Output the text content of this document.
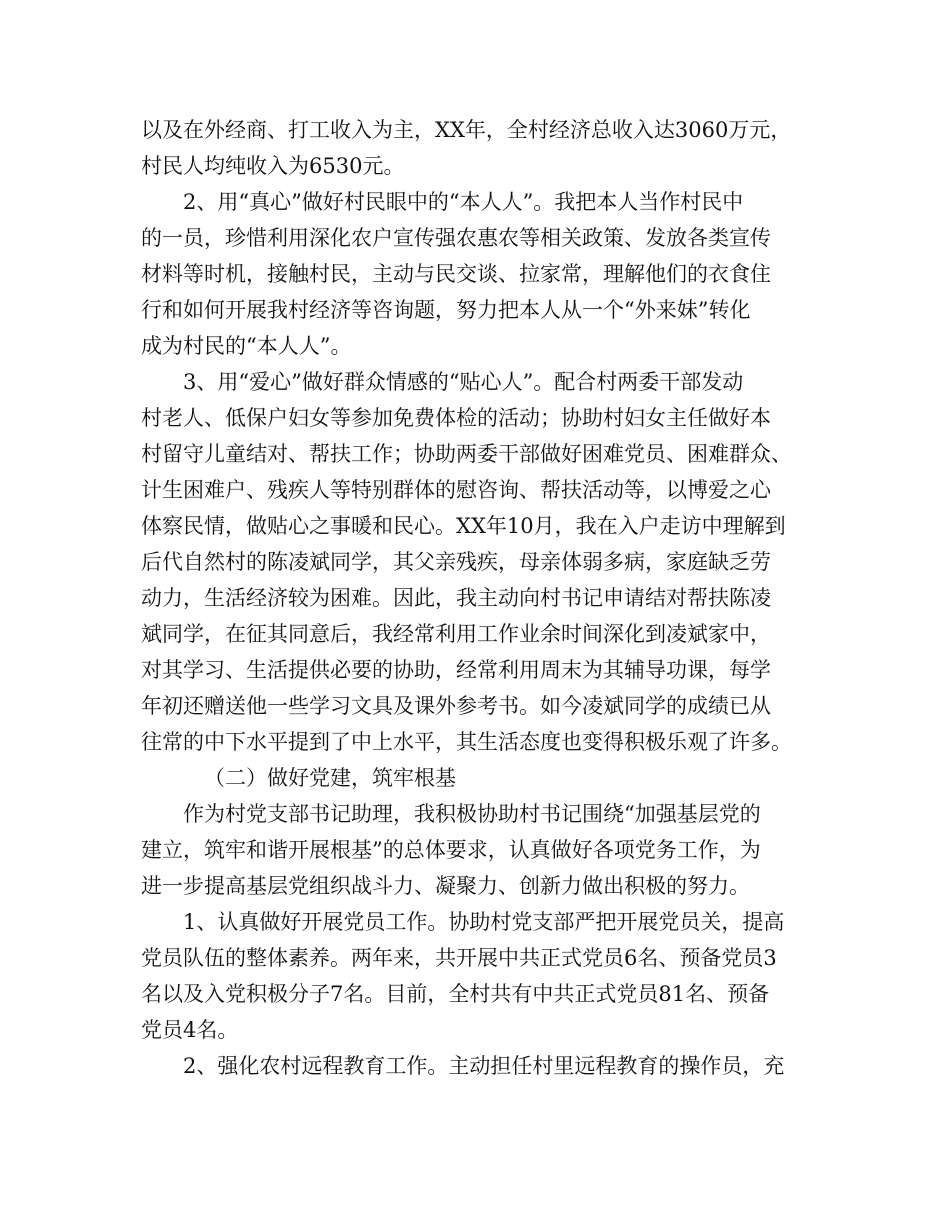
以及在外经商、打工收入为主，XX年，全村经济总收入达3060万元，
村民人均纯收入为6530元。
2、用“真心”做好村民眼中的“本人人”。我把本人当作村民中
的一员，珍惜利用深化农户宣传强农惠农等相关政策、发放各类宣传
材料等时机，接触村民，主动与民交谈、拉家常，理解他们的衣食住
行和如何开展我村经济等咨询题，努力把本人从一个“外来妹”转化
成为村民的“本人人”。
3、用“爱心”做好群众情感的“贴心人”。配合村两委干部发动
村老人、低保户妇女等参加免费体检的活动；协助村妇女主任做好本
村留守儿童结对、帮扶工作；协助两委干部做好困难党员、困难群众、
计生困难户、残疾人等特别群体的慰咨询、帮扶活动等，以博爱之心
体察民情，做贴心之事暖和民心。XX年10月，我在入户走访中理解到
后代自然村的陈凌斌同学，其父亲残疾，母亲体弱多病，家庭缺乏劳
动力，生活经济较为困难。因此，我主动向村书记申请结对帮扶陈凌
斌同学，在征其同意后，我经常利用工作业余时间深化到凌斌家中，
对其学习、生活提供必要的协助，经常利用周末为其辅导功课，每学
年初还赠送他一些学习文具及课外参考书。如今凌斌同学的成绩已从
往常的中下水平提到了中上水平，其生活态度也变得积极乐观了许多。
（二）做好党建，筑牢根基
作为村党支部书记助理，我积极协助村书记围绕“加强基层党的
建立，筑牢和谐开展根基”的总体要求，认真做好各项党务工作，为
进一步提高基层党组织战斗力、凝聚力、创新力做出积极的努力。
1、认真做好开展党员工作。协助村党支部严把开展党员关，提高
党员队伍的整体素养。两年来，共开展中共正式党员6名、预备党员3
名以及入党积极分子7名。目前，全村共有中共正式党员81名、预备
党员4名。
2、强化农村远程教育工作。主动担任村里远程教育的操作员，充
